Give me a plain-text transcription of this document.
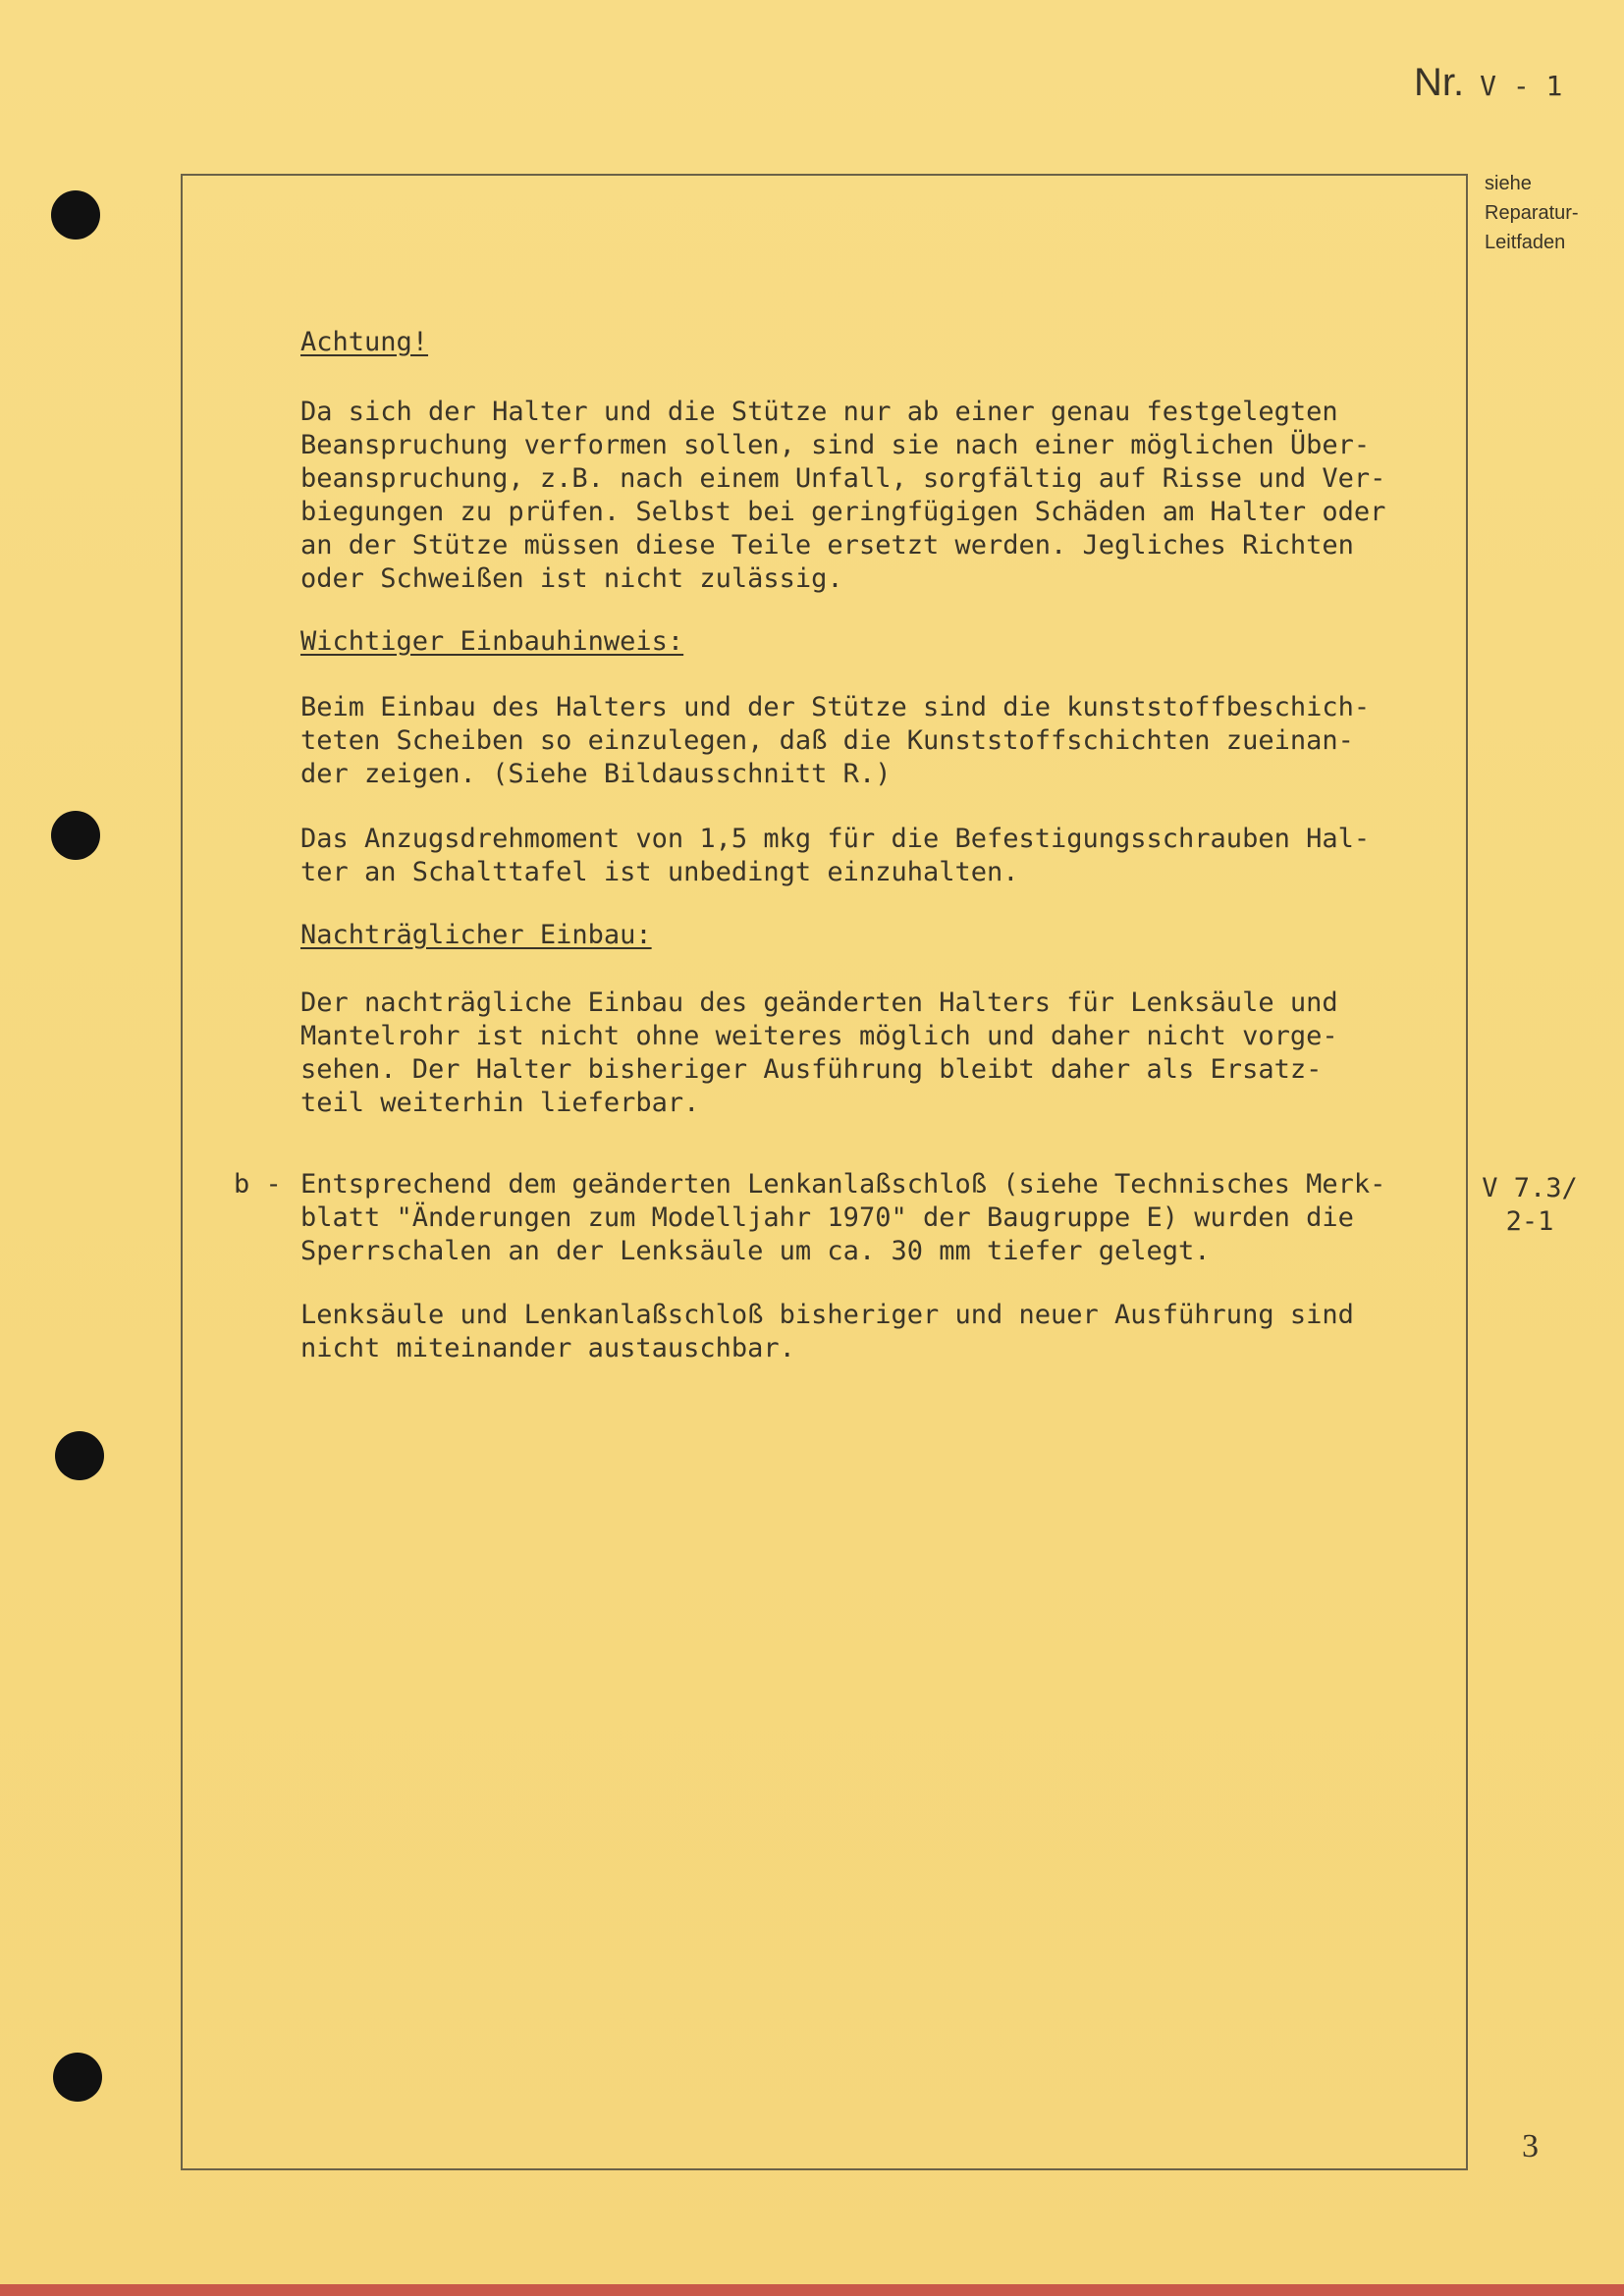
Nr. V - 1
siehe
Reparatur-
Leitfaden
Achtung!
Da sich der Halter und die Stütze nur ab einer genau festgelegten
Beanspruchung verformen sollen, sind sie nach einer möglichen Über-
beanspruchung, z.B. nach einem Unfall, sorgfältig auf Risse und Ver-
biegungen zu prüfen. Selbst bei geringfügigen Schäden am Halter oder
an der Stütze müssen diese Teile ersetzt werden. Jegliches Richten
oder Schweißen ist nicht zulässig.
Wichtiger Einbauhinweis:
Beim Einbau des Halters und der Stütze sind die kunststoffbeschich-
teten Scheiben so einzulegen, daß die Kunststoffschichten zueinan-
der zeigen. (Siehe Bildausschnitt R.)
Das Anzugsdrehmoment von 1,5 mkg für die Befestigungsschrauben Hal-
ter an Schalttafel ist unbedingt einzuhalten.
Nachträglicher Einbau:
Der nachträgliche Einbau des geänderten Halters für Lenksäule und
Mantelrohr ist nicht ohne weiteres möglich und daher nicht vorge-
sehen. Der Halter bisheriger Ausführung bleibt daher als Ersatz-
teil weiterhin lieferbar.
b - Entsprechend dem geänderten Lenkanlaßschloß (siehe Technisches Merk-
blatt "Änderungen zum Modelljahr 1970" der Baugruppe E) wurden die
Sperrschalen an der Lenksäule um ca. 30 mm tiefer gelegt.
Lenksäule und Lenkanlaßschloß bisheriger und neuer Ausführung sind
nicht miteinander austauschbar.
V 7.3/
2-1
3
